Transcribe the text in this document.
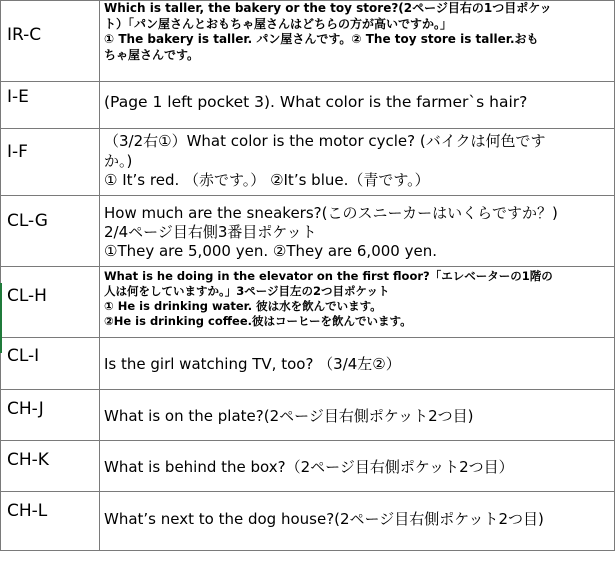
IR-C	Which is taller, the bakery or the toy store?(2ページ目右の1つ目ポケッ
ト）「パン屋さんとおもちゃ屋さんはどちらの方が高いですか。」
① The bakery is taller. パン屋さんです。② The toy store is taller.おも
ちゃ屋さんです。

I-E	(Page 1 left pocket 3). What color is the farmer`s hair?

I-F	（3/2右①）What color is the motor cycle? (バイクは何色です
か。)
① It’s red. （赤です。） ②It’s blue.（青です。）

CL-G	How much are the sneakers?(このスニーカーはいくらですか？)
2/4ページ目右側3番目ポケット
①They are 5,000 yen. ②They are 6,000 yen.

CL-H	What is he doing in the elevator on the first floor?「エレベーターの1階の
人は何をしていますか。」3ページ目左の2つ目ポケット
① He is drinking water. 彼は水を飲んでいます。
②He is drinking coffee.彼はコーヒーを飲んでいます。

CL-I	Is the girl watching TV, too? （3/4左②）

CH-J	What is on the plate?(2ページ目右側ポケット2つ目)

CH-K	What is behind the box?（2ページ目右側ポケット2つ目）

CH-L	What’s next to the dog house?(2ページ目右側ポケット2つ目)
